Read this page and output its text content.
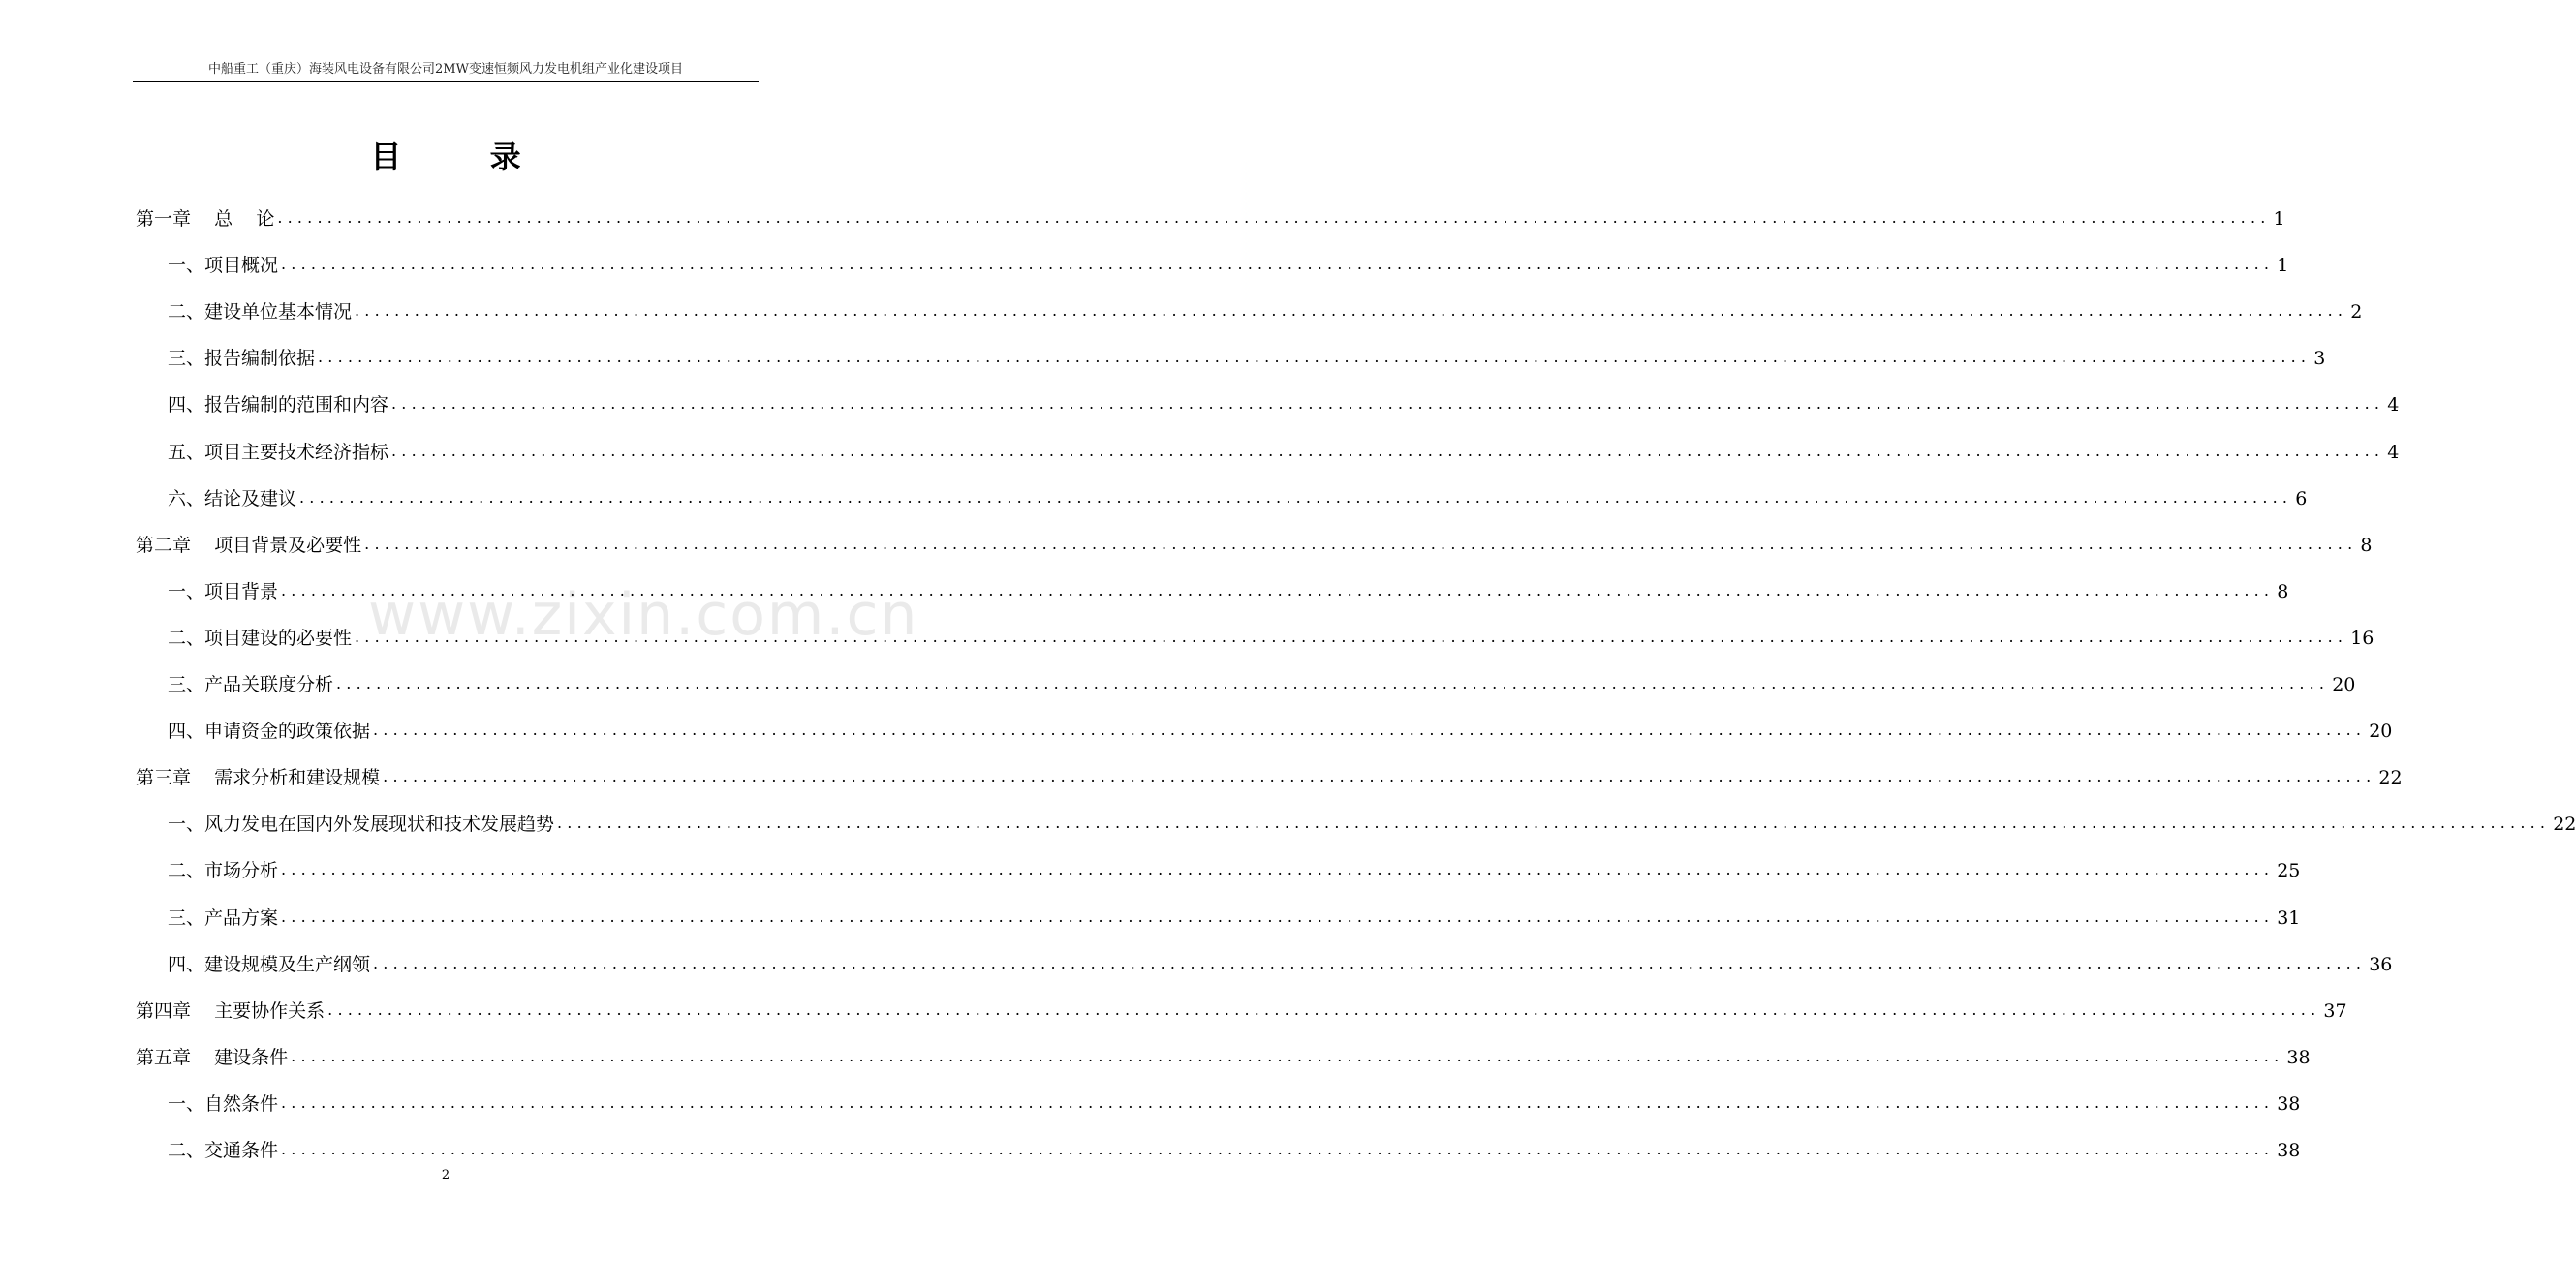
中船重工（重庆）海装风电设备有限公司2MW变速恒频风力发电机组产业化建设项目
目 录
www.zixin.com.cn
第一章    总    论 ........................................................................................................................................................................................................ 1
一、项目概况 ........................................................................................................................................................................................................ 1
二、建设单位基本情况 ........................................................................................................................................................................................................ 2
三、报告编制依据 ........................................................................................................................................................................................................ 3
四、报告编制的范围和内容 ........................................................................................................................................................................................................ 4
五、项目主要技术经济指标 ........................................................................................................................................................................................................ 4
六、结论及建议 ........................................................................................................................................................................................................ 6
第二章    项目背景及必要性 ........................................................................................................................................................................................................ 8
一、项目背景 ........................................................................................................................................................................................................ 8
二、项目建设的必要性 ........................................................................................................................................................................................................ 16
三、产品关联度分析 ........................................................................................................................................................................................................ 20
四、申请资金的政策依据 ........................................................................................................................................................................................................ 20
第三章    需求分析和建设规模 ........................................................................................................................................................................................................ 22
一、风力发电在国内外发展现状和技术发展趋势 ........................................................................................................................................................................................................ 22
二、市场分析 ........................................................................................................................................................................................................ 25
三、产品方案 ........................................................................................................................................................................................................ 31
四、建设规模及生产纲领 ........................................................................................................................................................................................................ 36
第四章    主要协作关系 ........................................................................................................................................................................................................ 37
第五章    建设条件 ........................................................................................................................................................................................................ 38
一、自然条件 ........................................................................................................................................................................................................ 38
二、交通条件 ........................................................................................................................................................................................................ 38
2
